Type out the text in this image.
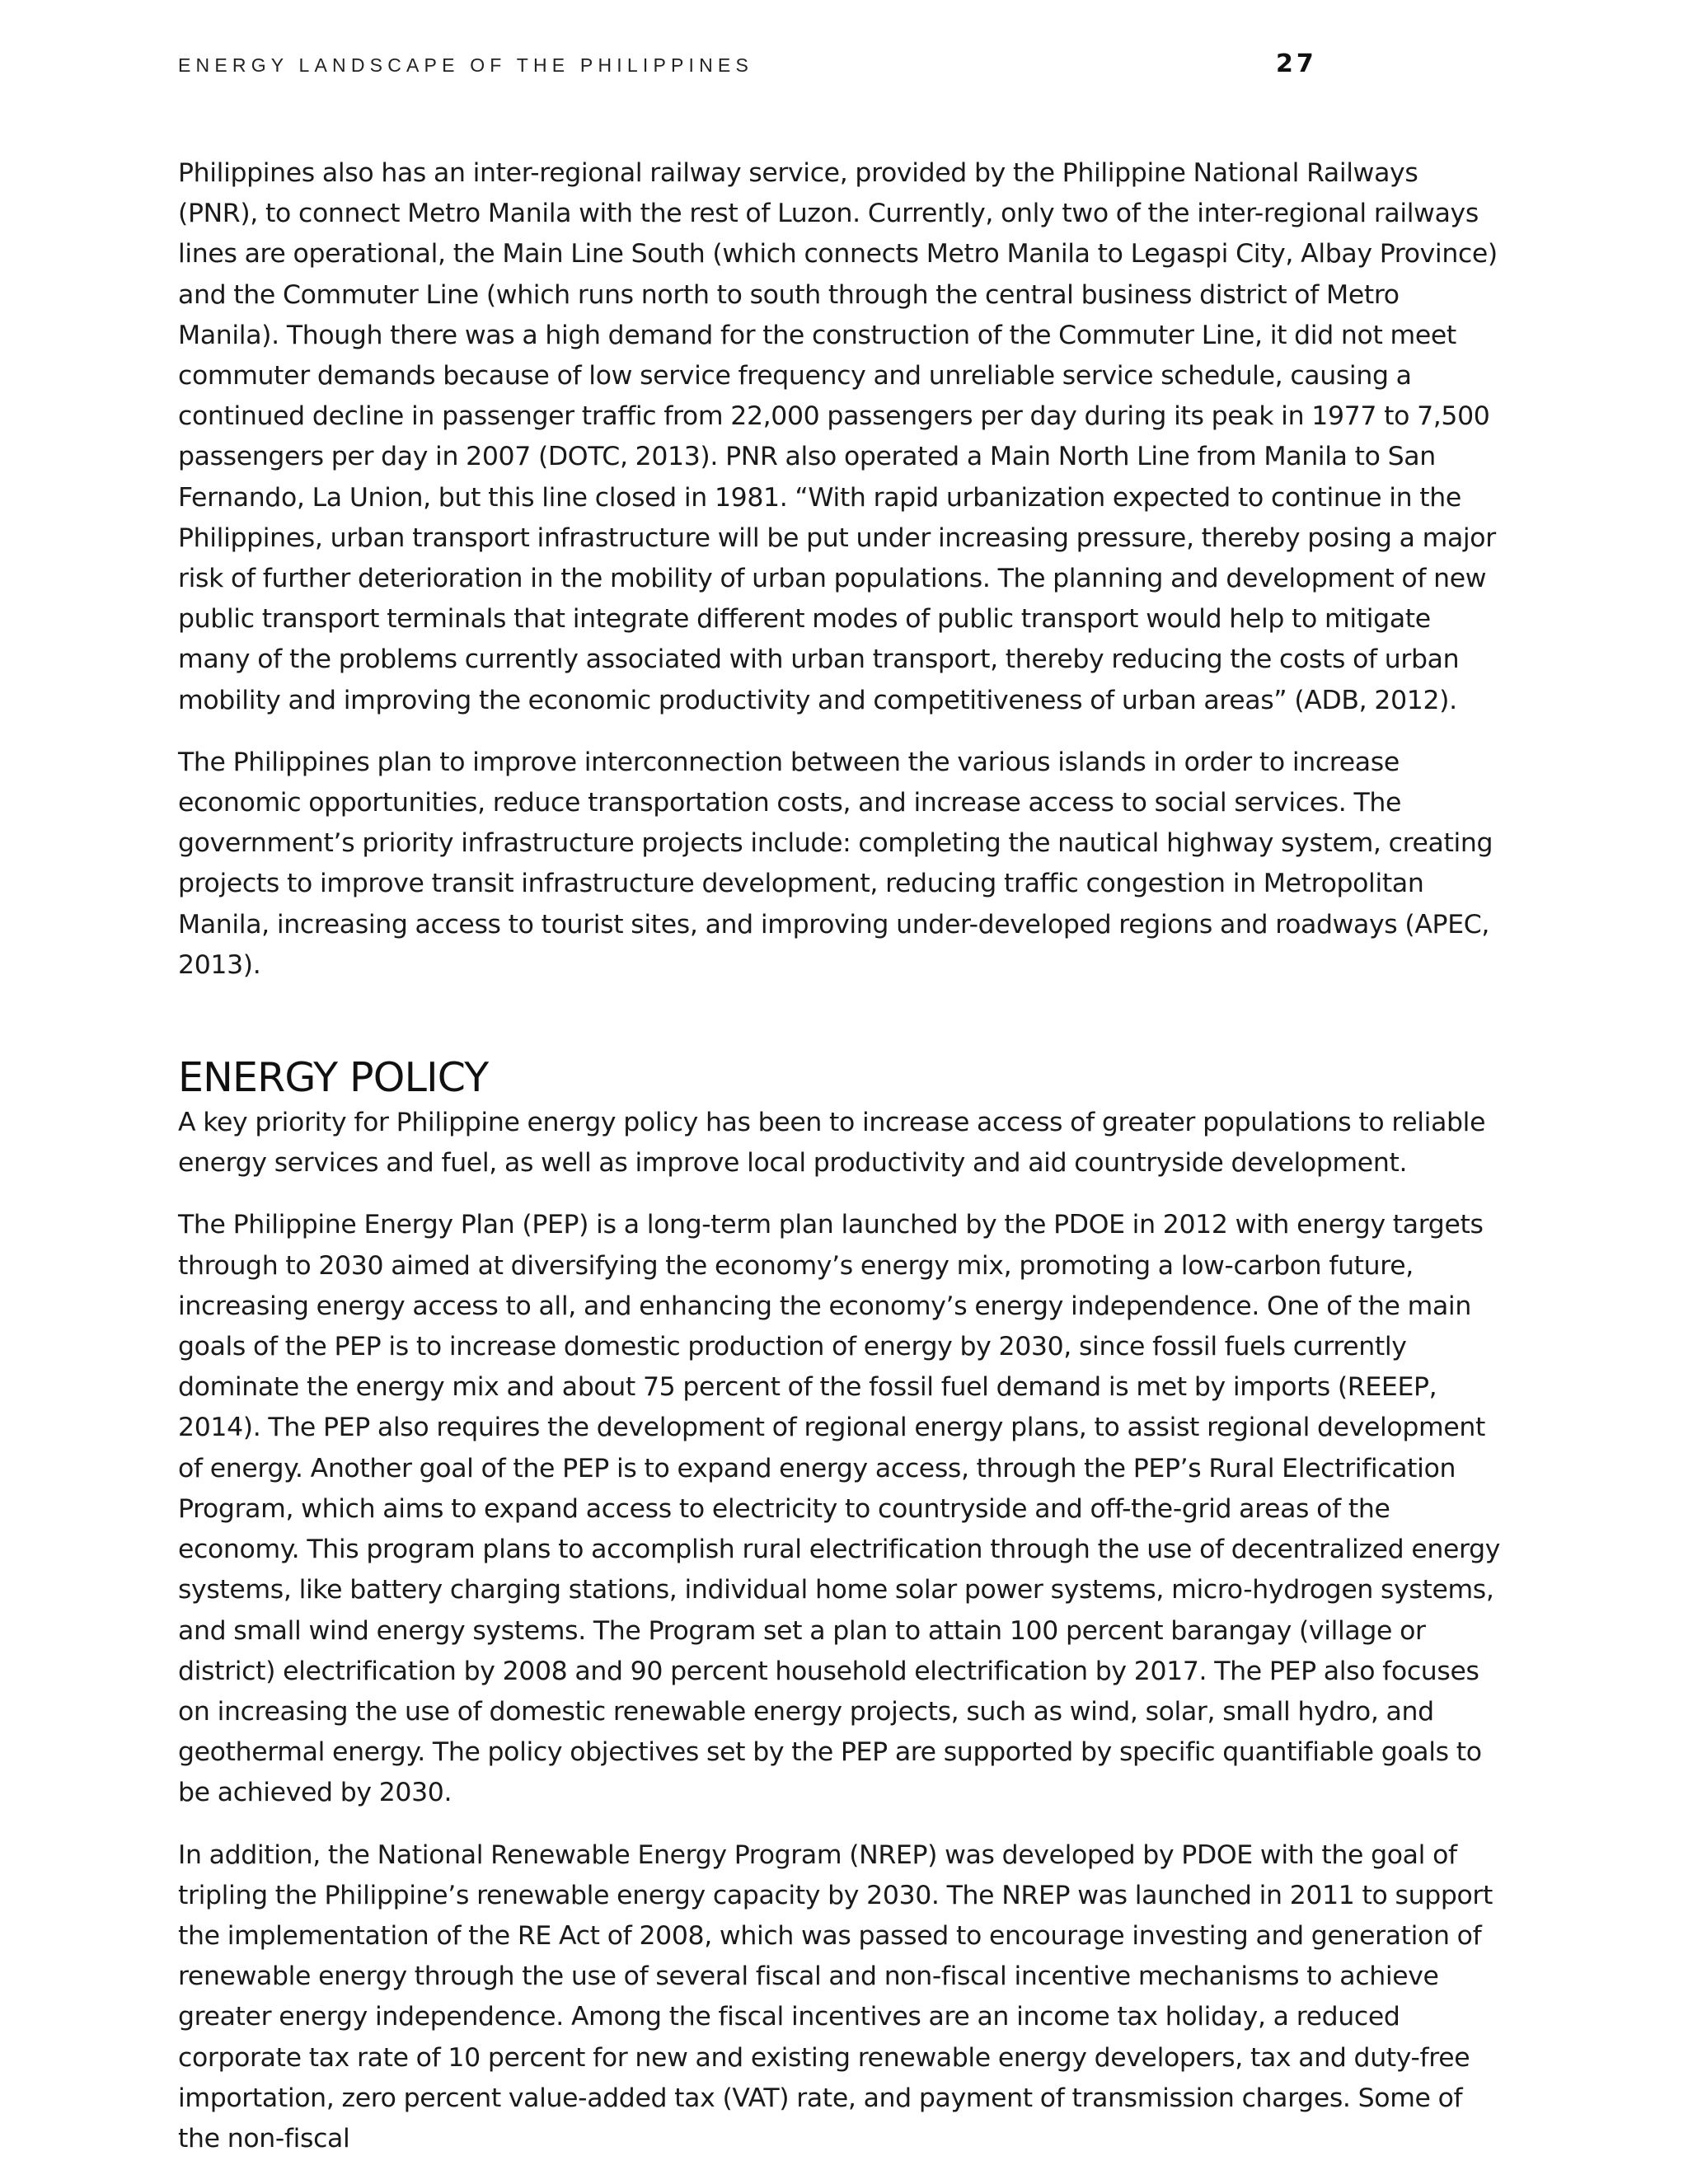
ENERGY LANDSCAPE OF THE PHILIPPINES	27

Philippines also has an inter-regional railway service, provided by the Philippine National Railways (PNR), to connect Metro Manila with the rest of Luzon. Currently, only two of the inter-regional railways lines are operational, the Main Line South (which connects Metro Manila to Legaspi City, Albay Province) and the Commuter Line (which runs north to south through the central business district of Metro Manila). Though there was a high demand for the construction of the Commuter Line, it did not meet commuter demands because of low service frequency and unreliable service schedule, causing a continued decline in passenger traffic from 22,000 passengers per day during its peak in 1977 to 7,500 passengers per day in 2007 (DOTC, 2013). PNR also operated a Main North Line from Manila to San Fernando, La Union, but this line closed in 1981. “With rapid urbanization expected to continue in the Philippines, urban transport infrastructure will be put under increasing pressure, thereby posing a major risk of further deterioration in the mobility of urban populations. The planning and development of new public transport terminals that integrate different modes of public transport would help to mitigate many of the problems currently associated with urban transport, thereby reducing the costs of urban mobility and improving the economic productivity and competitiveness of urban areas” (ADB, 2012).

The Philippines plan to improve interconnection between the various islands in order to increase economic opportunities, reduce transportation costs, and increase access to social services. The government’s priority infrastructure projects include: completing the nautical highway system, creating projects to improve transit infrastructure development, reducing traffic congestion in Metropolitan Manila, increasing access to tourist sites, and improving under-developed regions and roadways (APEC, 2013).

ENERGY POLICY

A key priority for Philippine energy policy has been to increase access of greater populations to reliable energy services and fuel, as well as improve local productivity and aid countryside development.

The Philippine Energy Plan (PEP) is a long-term plan launched by the PDOE in 2012 with energy targets through to 2030 aimed at diversifying the economy’s energy mix, promoting a low-carbon future, increasing energy access to all, and enhancing the economy’s energy independence. One of the main goals of the PEP is to increase domestic production of energy by 2030, since fossil fuels currently dominate the energy mix and about 75 percent of the fossil fuel demand is met by imports (REEEP, 2014). The PEP also requires the development of regional energy plans, to assist regional development of energy. Another goal of the PEP is to expand energy access, through the PEP’s Rural Electrification Program, which aims to expand access to electricity to countryside and off-the-grid areas of the economy. This program plans to accomplish rural electrification through the use of decentralized energy systems, like battery charging stations, individual home solar power systems, micro-hydrogen systems, and small wind energy systems. The Program set a plan to attain 100 percent barangay (village or district) electrification by 2008 and 90 percent household electrification by 2017. The PEP also focuses on increasing the use of domestic renewable energy projects, such as wind, solar, small hydro, and geothermal energy. The policy objectives set by the PEP are supported by specific quantifiable goals to be achieved by 2030.

In addition, the National Renewable Energy Program (NREP) was developed by PDOE with the goal of tripling the Philippine’s renewable energy capacity by 2030. The NREP was launched in 2011 to support the implementation of the RE Act of 2008, which was passed to encourage investing and generation of renewable energy through the use of several fiscal and non-fiscal incentive mechanisms to achieve greater energy independence. Among the fiscal incentives are an income tax holiday, a reduced corporate tax rate of 10 percent for new and existing renewable energy developers, tax and duty-free importation, zero percent value-added tax (VAT) rate, and payment of transmission charges. Some of the non-fiscal
